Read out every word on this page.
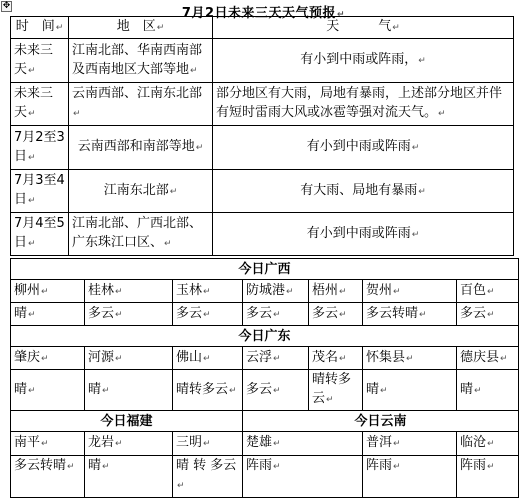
✥	7月2日未来三天天气预报↵
时　间↵	地　区↵	天　　　气↵
未来三天↵	江南北部、华南西南部及西南地区大部等地↵	有小到中雨或阵雨，↵
未来三天↵	云南西部、江南东北部↵	部分地区有大雨，局地有暴雨，上述部分地区并伴有短时雷雨大风或冰雹等强对流天气。↵
7月2至3日↵	云南西部和南部等地↵	有小到中雨或阵雨↵
7月3至4日↵	江南东北部↵	有大雨、局地有暴雨↵
7月4至5日↵	江南北部、广西北部、广东珠江口区、↵	有小到中雨或阵雨↵
今日广西						
柳州↵	桂林↵	玉林↵	防城港↵	梧州↵	贺州↵	百色↵
晴↵	多云↵	多云↵	多云↵	多云↵	多云转晴↵	多云↵
今日广东						
肇庆↵	河源↵	佛山↵	云浮↵	茂名↵	怀集县↵	德庆县↵
晴↵	晴↵	晴转多云↵	多云↵	晴转多云↵	晴↵	晴↵
今日福建			今日云南			
南平↵	龙岩↵	三明↵	楚雄↵		普洱↵	临沧↵
多云转晴↵	晴↵	晴 转 多云↵	阵雨↵		阵雨↵	阵雨↵
